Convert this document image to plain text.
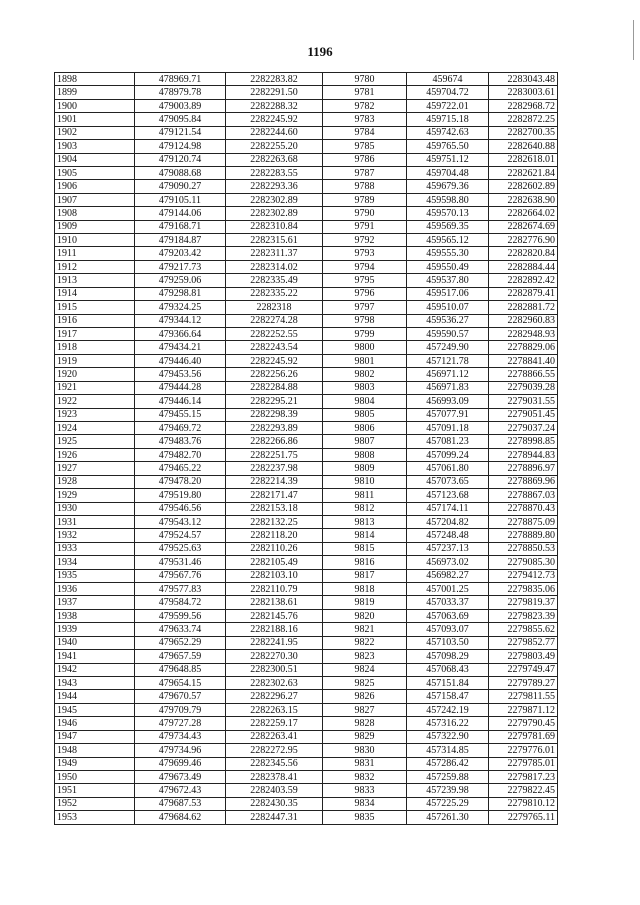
1196
1898	478969.71	2282283.82	9780	459674	2283043.48
1899	478979.78	2282291.50	9781	459704.72	2283003.61
1900	479003.89	2282288.32	9782	459722.01	2282968.72
1901	479095.84	2282245.92	9783	459715.18	2282872.25
1902	479121.54	2282244.60	9784	459742.63	2282700.35
1903	479124.98	2282255.20	9785	459765.50	2282640.88
1904	479120.74	2282263.68	9786	459751.12	2282618.01
1905	479088.68	2282283.55	9787	459704.48	2282621.84
1906	479090.27	2282293.36	9788	459679.36	2282602.89
1907	479105.11	2282302.89	9789	459598.80	2282638.90
1908	479144.06	2282302.89	9790	459570.13	2282664.02
1909	479168.71	2282310.84	9791	459569.35	2282674.69
1910	479184.87	2282315.61	9792	459565.12	2282776.90
1911	479203.42	2282311.37	9793	459555.30	2282820.84
1912	479217.73	2282314.02	9794	459550.49	2282884.44
1913	479259.06	2282335.49	9795	459537.80	2282892.42
1914	479298.81	2282335.22	9796	459517.06	2282879.41
1915	479324.25	2282318	9797	459510.07	2282881.72
1916	479344.12	2282274.28	9798	459536.27	2282960.83
1917	479366.64	2282252.55	9799	459590.57	2282948.93
1918	479434.21	2282243.54	9800	457249.90	2278829.06
1919	479446.40	2282245.92	9801	457121.78	2278841.40
1920	479453.56	2282256.26	9802	456971.12	2278866.55
1921	479444.28	2282284.88	9803	456971.83	2279039.28
1922	479446.14	2282295.21	9804	456993.09	2279031.55
1923	479455.15	2282298.39	9805	457077.91	2279051.45
1924	479469.72	2282293.89	9806	457091.18	2279037.24
1925	479483.76	2282266.86	9807	457081.23	2278998.85
1926	479482.70	2282251.75	9808	457099.24	2278944.83
1927	479465.22	2282237.98	9809	457061.80	2278896.97
1928	479478.20	2282214.39	9810	457073.65	2278869.96
1929	479519.80	2282171.47	9811	457123.68	2278867.03
1930	479546.56	2282153.18	9812	457174.11	2278870.43
1931	479543.12	2282132.25	9813	457204.82	2278875.09
1932	479524.57	2282118.20	9814	457248.48	2278889.80
1933	479525.63	2282110.26	9815	457237.13	2278850.53
1934	479531.46	2282105.49	9816	456973.02	2279085.30
1935	479567.76	2282103.10	9817	456982.27	2279412.73
1936	479577.83	2282110.79	9818	457001.25	2279835.06
1937	479584.72	2282138.61	9819	457033.37	2279819.37
1938	479599.56	2282145.76	9820	457063.69	2279823.39
1939	479633.74	2282188.16	9821	457093.07	2279855.62
1940	479652.29	2282241.95	9822	457103.50	2279852.77
1941	479657.59	2282270.30	9823	457098.29	2279803.49
1942	479648.85	2282300.51	9824	457068.43	2279749.47
1943	479654.15	2282302.63	9825	457151.84	2279789.27
1944	479670.57	2282296.27	9826	457158.47	2279811.55
1945	479709.79	2282263.15	9827	457242.19	2279871.12
1946	479727.28	2282259.17	9828	457316.22	2279790.45
1947	479734.43	2282263.41	9829	457322.90	2279781.69
1948	479734.96	2282272.95	9830	457314.85	2279776.01
1949	479699.46	2282345.56	9831	457286.42	2279785.01
1950	479673.49	2282378.41	9832	457259.88	2279817.23
1951	479672.43	2282403.59	9833	457239.98	2279822.45
1952	479687.53	2282430.35	9834	457225.29	2279810.12
1953	479684.62	2282447.31	9835	457261.30	2279765.11
